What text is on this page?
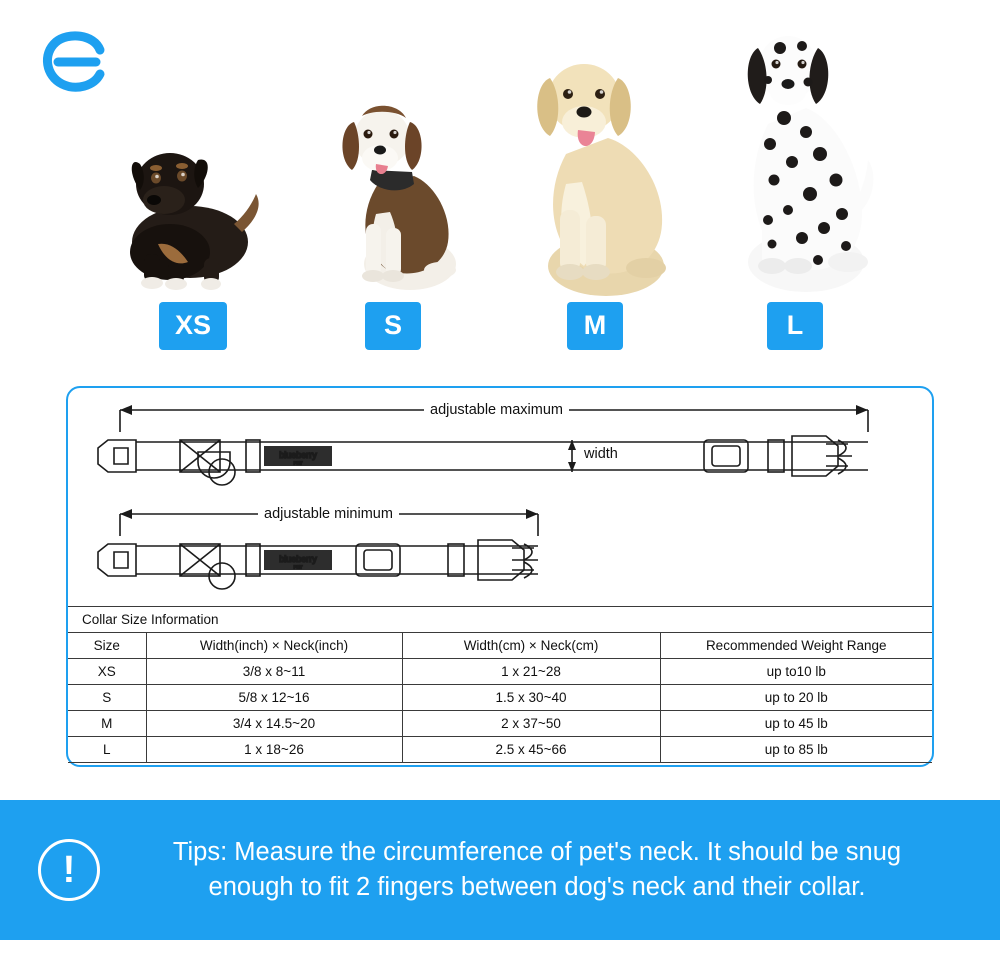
XS	S	M	L
blueberry
PET
blueberry
PET
adjustable maximum
adjustable minimum
width
Collar Size Information			
Size	Width(inch) × Neck(inch)	Width(cm) × Neck(cm)	Recommended Weight Range
XS	3/8 x 8~11	1 x 21~28	up to10 lb
S	5/8 x 12~16	1.5 x 30~40	up to 20 lb
M	3/4 x 14.5~20	2 x 37~50	up to 45 lb
L	1 x 18~26	2.5 x 45~66	up to 85 lb
!	Tips: Measure the circumference of pet's neck. It should be snug
enough to fit 2 fingers between dog's neck and their collar.
